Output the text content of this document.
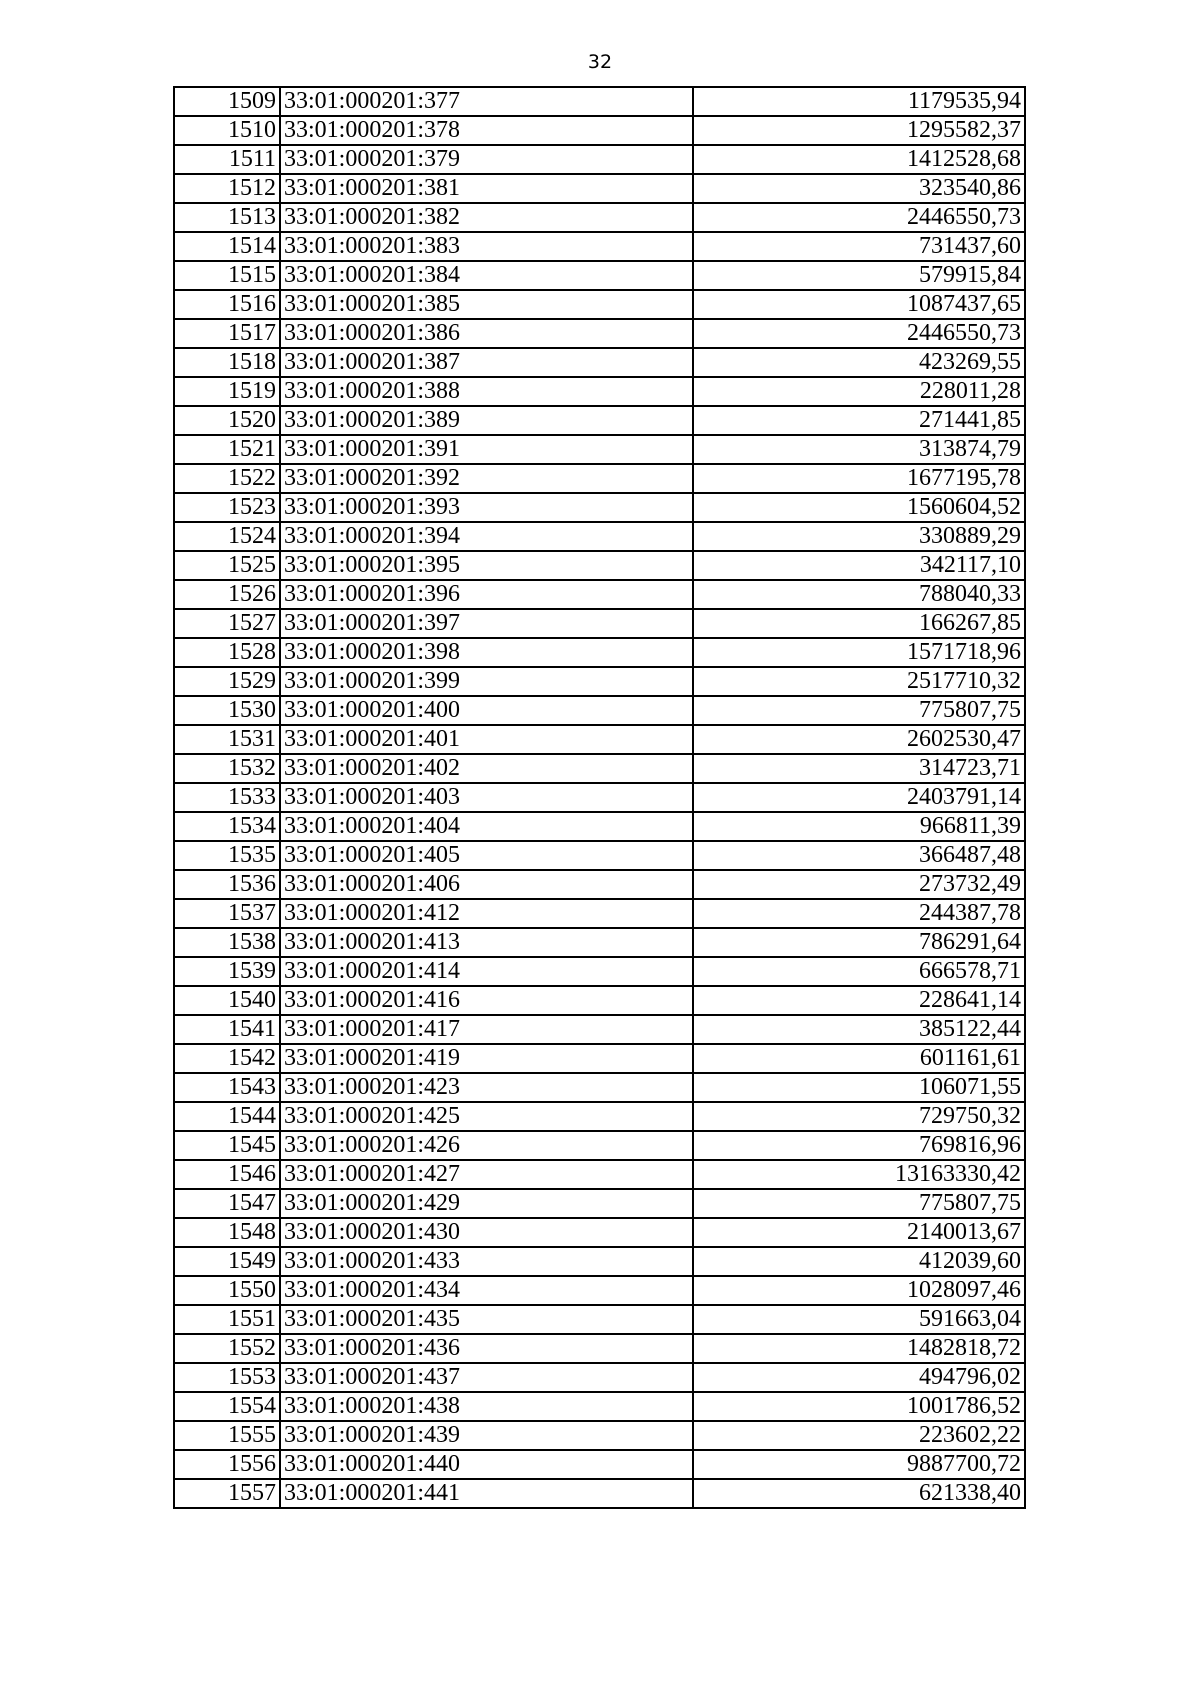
32
1509	33:01:000201:377	1179535,94
1510	33:01:000201:378	1295582,37
1511	33:01:000201:379	1412528,68
1512	33:01:000201:381	323540,86
1513	33:01:000201:382	2446550,73
1514	33:01:000201:383	731437,60
1515	33:01:000201:384	579915,84
1516	33:01:000201:385	1087437,65
1517	33:01:000201:386	2446550,73
1518	33:01:000201:387	423269,55
1519	33:01:000201:388	228011,28
1520	33:01:000201:389	271441,85
1521	33:01:000201:391	313874,79
1522	33:01:000201:392	1677195,78
1523	33:01:000201:393	1560604,52
1524	33:01:000201:394	330889,29
1525	33:01:000201:395	342117,10
1526	33:01:000201:396	788040,33
1527	33:01:000201:397	166267,85
1528	33:01:000201:398	1571718,96
1529	33:01:000201:399	2517710,32
1530	33:01:000201:400	775807,75
1531	33:01:000201:401	2602530,47
1532	33:01:000201:402	314723,71
1533	33:01:000201:403	2403791,14
1534	33:01:000201:404	966811,39
1535	33:01:000201:405	366487,48
1536	33:01:000201:406	273732,49
1537	33:01:000201:412	244387,78
1538	33:01:000201:413	786291,64
1539	33:01:000201:414	666578,71
1540	33:01:000201:416	228641,14
1541	33:01:000201:417	385122,44
1542	33:01:000201:419	601161,61
1543	33:01:000201:423	106071,55
1544	33:01:000201:425	729750,32
1545	33:01:000201:426	769816,96
1546	33:01:000201:427	13163330,42
1547	33:01:000201:429	775807,75
1548	33:01:000201:430	2140013,67
1549	33:01:000201:433	412039,60
1550	33:01:000201:434	1028097,46
1551	33:01:000201:435	591663,04
1552	33:01:000201:436	1482818,72
1553	33:01:000201:437	494796,02
1554	33:01:000201:438	1001786,52
1555	33:01:000201:439	223602,22
1556	33:01:000201:440	9887700,72
1557	33:01:000201:441	621338,40
